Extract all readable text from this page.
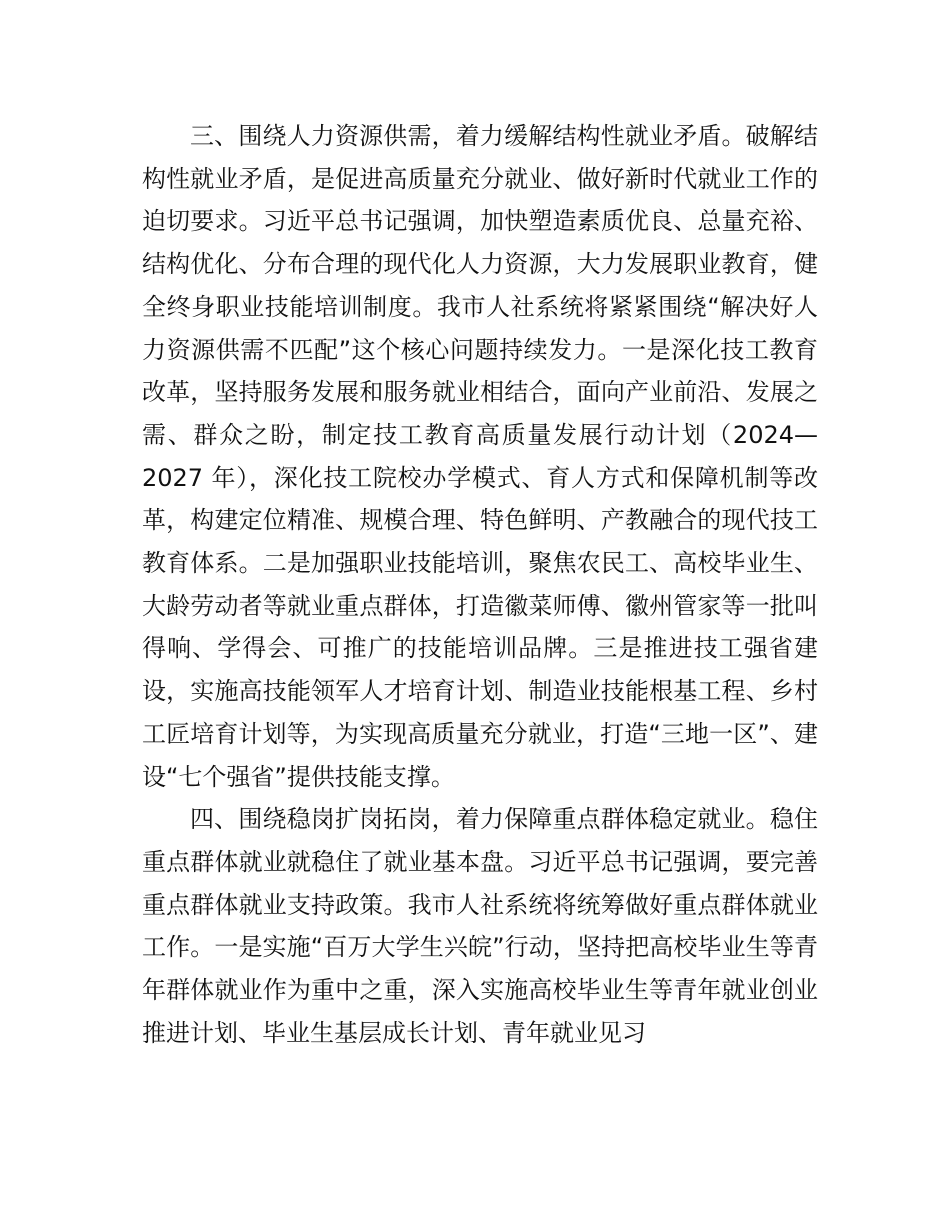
三、围绕人力资源供需，着力缓解结构性就业矛盾。破解结构性就业矛盾，是促进高质量充分就业、做好新时代就业工作的迫切要求。习近平总书记强调，加快塑造素质优良、总量充裕、结构优化、分布合理的现代化人力资源，大力发展职业教育，健全终身职业技能培训制度。我市人社系统将紧紧围绕“解决好人力资源供需不匹配”这个核心问题持续发力。一是深化技工教育改革，坚持服务发展和服务就业相结合，面向产业前沿、发展之需、群众之盼，制定技工教育高质量发展行动计划（2024—2027 年），深化技工院校办学模式、育人方式和保障机制等改革，构建定位精准、规模合理、特色鲜明、产教融合的现代技工教育体系。二是加强职业技能培训，聚焦农民工、高校毕业生、大龄劳动者等就业重点群体，打造徽菜师傅、徽州管家等一批叫得响、学得会、可推广的技能培训品牌。三是推进技工强省建设，实施高技能领军人才培育计划、制造业技能根基工程、乡村工匠培育计划等，为实现高质量充分就业，打造“三地一区”、建设“七个强省”提供技能支撑。

四、围绕稳岗扩岗拓岗，着力保障重点群体稳定就业。稳住重点群体就业就稳住了就业基本盘。习近平总书记强调，要完善重点群体就业支持政策。我市人社系统将统筹做好重点群体就业工作。一是实施“百万大学生兴皖”行动，坚持把高校毕业生等青年群体就业作为重中之重，深入实施高校毕业生等青年就业创业推进计划、毕业生基层成长计划、青年就业见习
